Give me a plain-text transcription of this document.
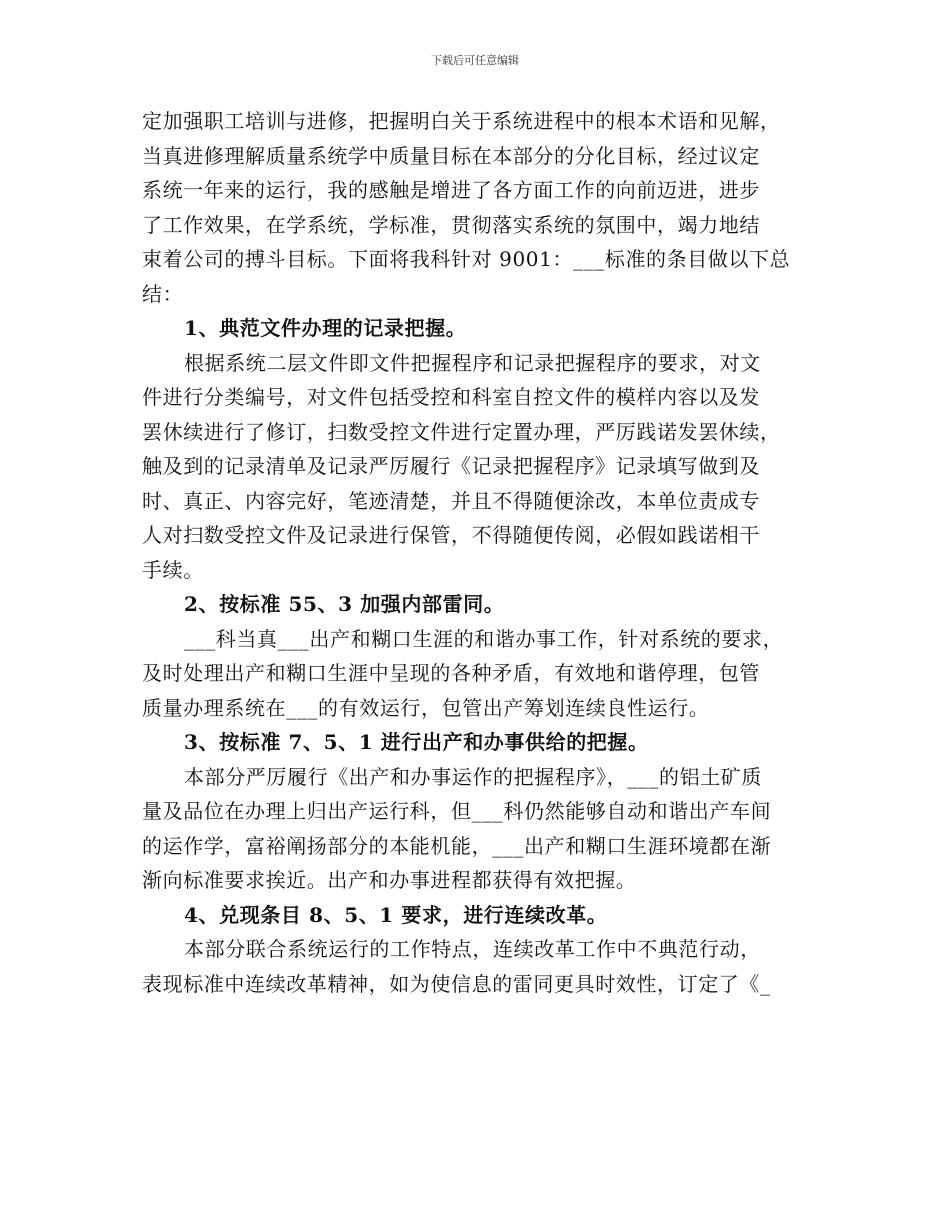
下载后可任意编辑
定加强职工培训与进修，把握明白关于系统进程中的根本术语和见解，
当真进修理解质量系统学中质量目标在本部分的分化目标，经过议定
系统一年来的运行，我的感触是增进了各方面工作的向前迈进，进步
了工作效果，在学系统，学标准，贯彻落实系统的氛围中，竭力地结
束着公司的搏斗目标。下面将我科针对 9001：___标准的条目做以下总
结：
1、典范文件办理的记录把握。
根据系统二层文件即文件把握程序和记录把握程序的要求，对文
件进行分类编号，对文件包括受控和科室自控文件的模样内容以及发
罢休续进行了修订，扫数受控文件进行定置办理，严厉践诺发罢休续，
触及到的记录清单及记录严厉履行《记录把握程序》记录填写做到及
时、真正、内容完好，笔迹清楚，并且不得随便涂改，本单位责成专
人对扫数受控文件及记录进行保管，不得随便传阅，必假如践诺相干
手续。
2、按标准 55、3 加强内部雷同。
___科当真___出产和糊口生涯的和谐办事工作，针对系统的要求，
及时处理出产和糊口生涯中呈现的各种矛盾，有效地和谐停理，包管
质量办理系统在___的有效运行，包管出产筹划连续良性运行。
3、按标准 7、5、1 进行出产和办事供给的把握。
本部分严厉履行《出产和办事运作的把握程序》，___的铝土矿质
量及品位在办理上归出产运行科，但___科仍然能够自动和谐出产车间
的运作学，富裕阐扬部分的本能机能，___出产和糊口生涯环境都在渐
渐向标准要求挨近。出产和办事进程都获得有效把握。
4、兑现条目 8、5、1 要求，进行连续改革。
本部分联合系统运行的工作特点，连续改革工作中不典范行动，
表现标准中连续改革精神，如为使信息的雷同更具时效性，订定了《_
